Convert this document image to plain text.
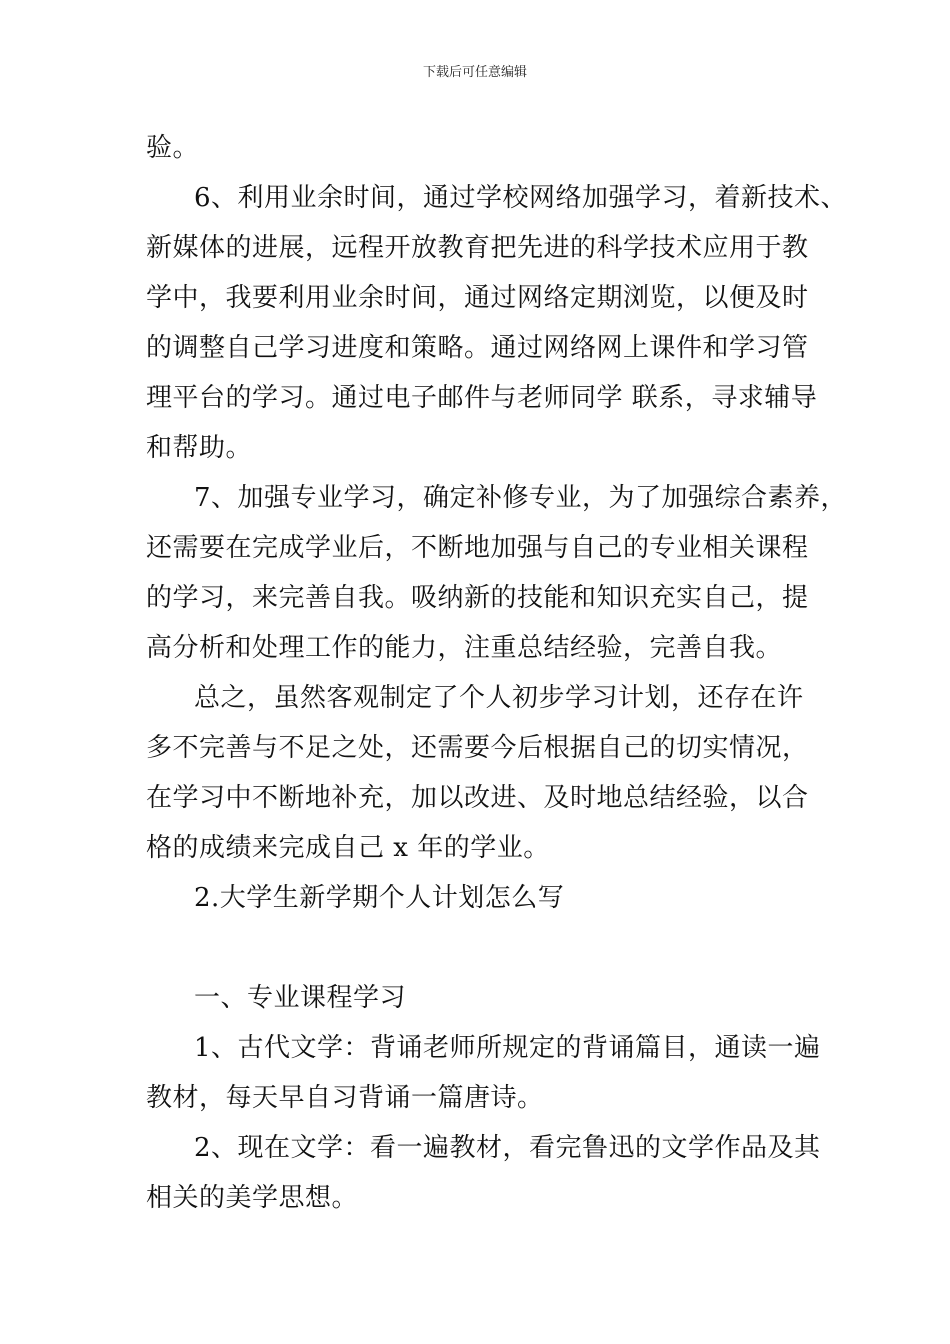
下载后可任意编辑
验。
6、利用业余时间，通过学校网络加强学习，着新技术、
新媒体的进展，远程开放教育把先进的科学技术应用于教
学中，我要利用业余时间，通过网络定期浏览，以便及时
的调整自己学习进度和策略。通过网络网上课件和学习管
理平台的学习。通过电子邮件与老师同学 联系，寻求辅导
和帮助。
7、加强专业学习，确定补修专业，为了加强综合素养，
还需要在完成学业后，不断地加强与自己的专业相关课程
的学习，来完善自我。吸纳新的技能和知识充实自己，提
高分析和处理工作的能力，注重总结经验，完善自我。
总之，虽然客观制定了个人初步学习计划，还存在许
多不完善与不足之处，还需要今后根据自己的切实情况，
在学习中不断地补充，加以改进、及时地总结经验，以合
格的成绩来完成自己 x 年的学业。
2.大学生新学期个人计划怎么写
一、专业课程学习
1、古代文学：背诵老师所规定的背诵篇目，通读一遍
教材，每天早自习背诵一篇唐诗。
2、现在文学：看一遍教材，看完鲁迅的文学作品及其
相关的美学思想。
